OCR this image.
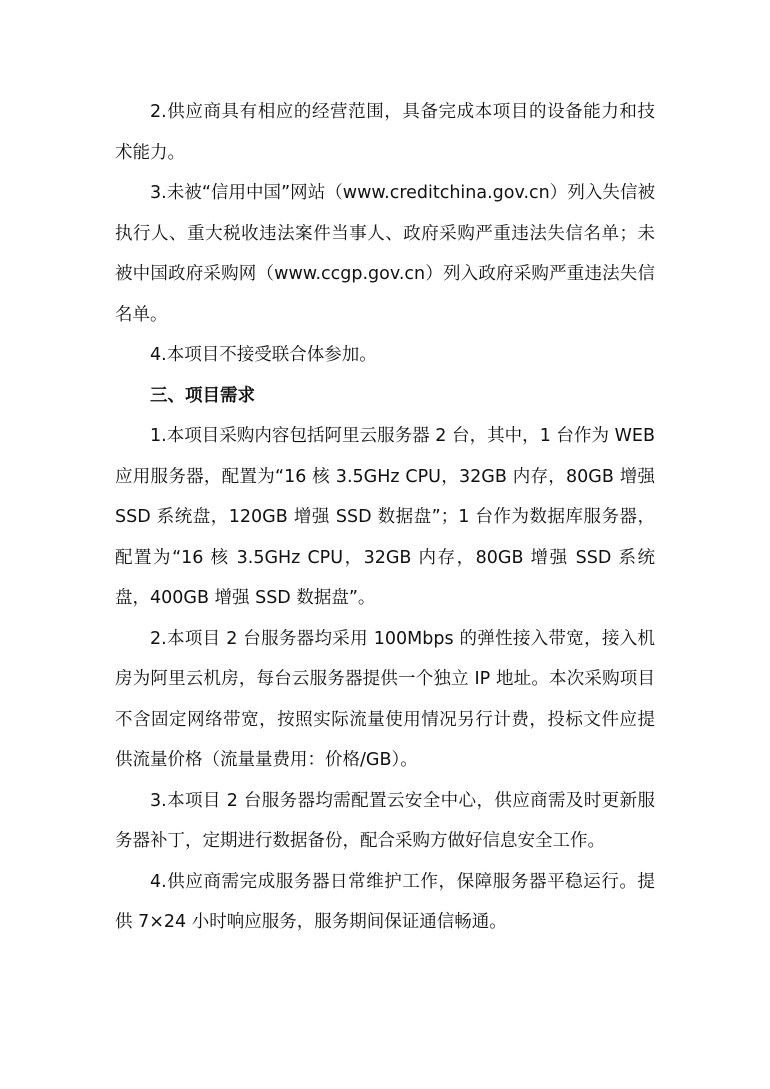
2.供应商具有相应的经营范围，具备完成本项目的设备能力和技术能力。

3.未被“信用中国”网站（www.creditchina.gov.cn）列入失信被执行人、重大税收违法案件当事人、政府采购严重违法失信名单；未被中国政府采购网（www.ccgp.gov.cn）列入政府采购严重违法失信名单。

4.本项目不接受联合体参加。

三、项目需求

1.本项目采购内容包括阿里云服务器 2 台，其中，1 台作为 WEB 应用服务器，配置为“16 核 3.5GHz CPU，32GB 内存，80GB 增强 SSD 系统盘，120GB 增强 SSD 数据盘”；1 台作为数据库服务器，配置为“16 核 3.5GHz CPU，32GB 内存，80GB 增强 SSD 系统盘，400GB 增强 SSD 数据盘”。

2.本项目 2 台服务器均采用 100Mbps 的弹性接入带宽，接入机房为阿里云机房，每台云服务器提供一个独立 IP 地址。本次采购项目不含固定网络带宽，按照实际流量使用情况另行计费，投标文件应提供流量价格（流量量费用：价格/GB）。

3.本项目 2 台服务器均需配置云安全中心，供应商需及时更新服务器补丁，定期进行数据备份，配合采购方做好信息安全工作。

4.供应商需完成服务器日常维护工作，保障服务器平稳运行。提供 7×24 小时响应服务，服务期间保证通信畅通。
